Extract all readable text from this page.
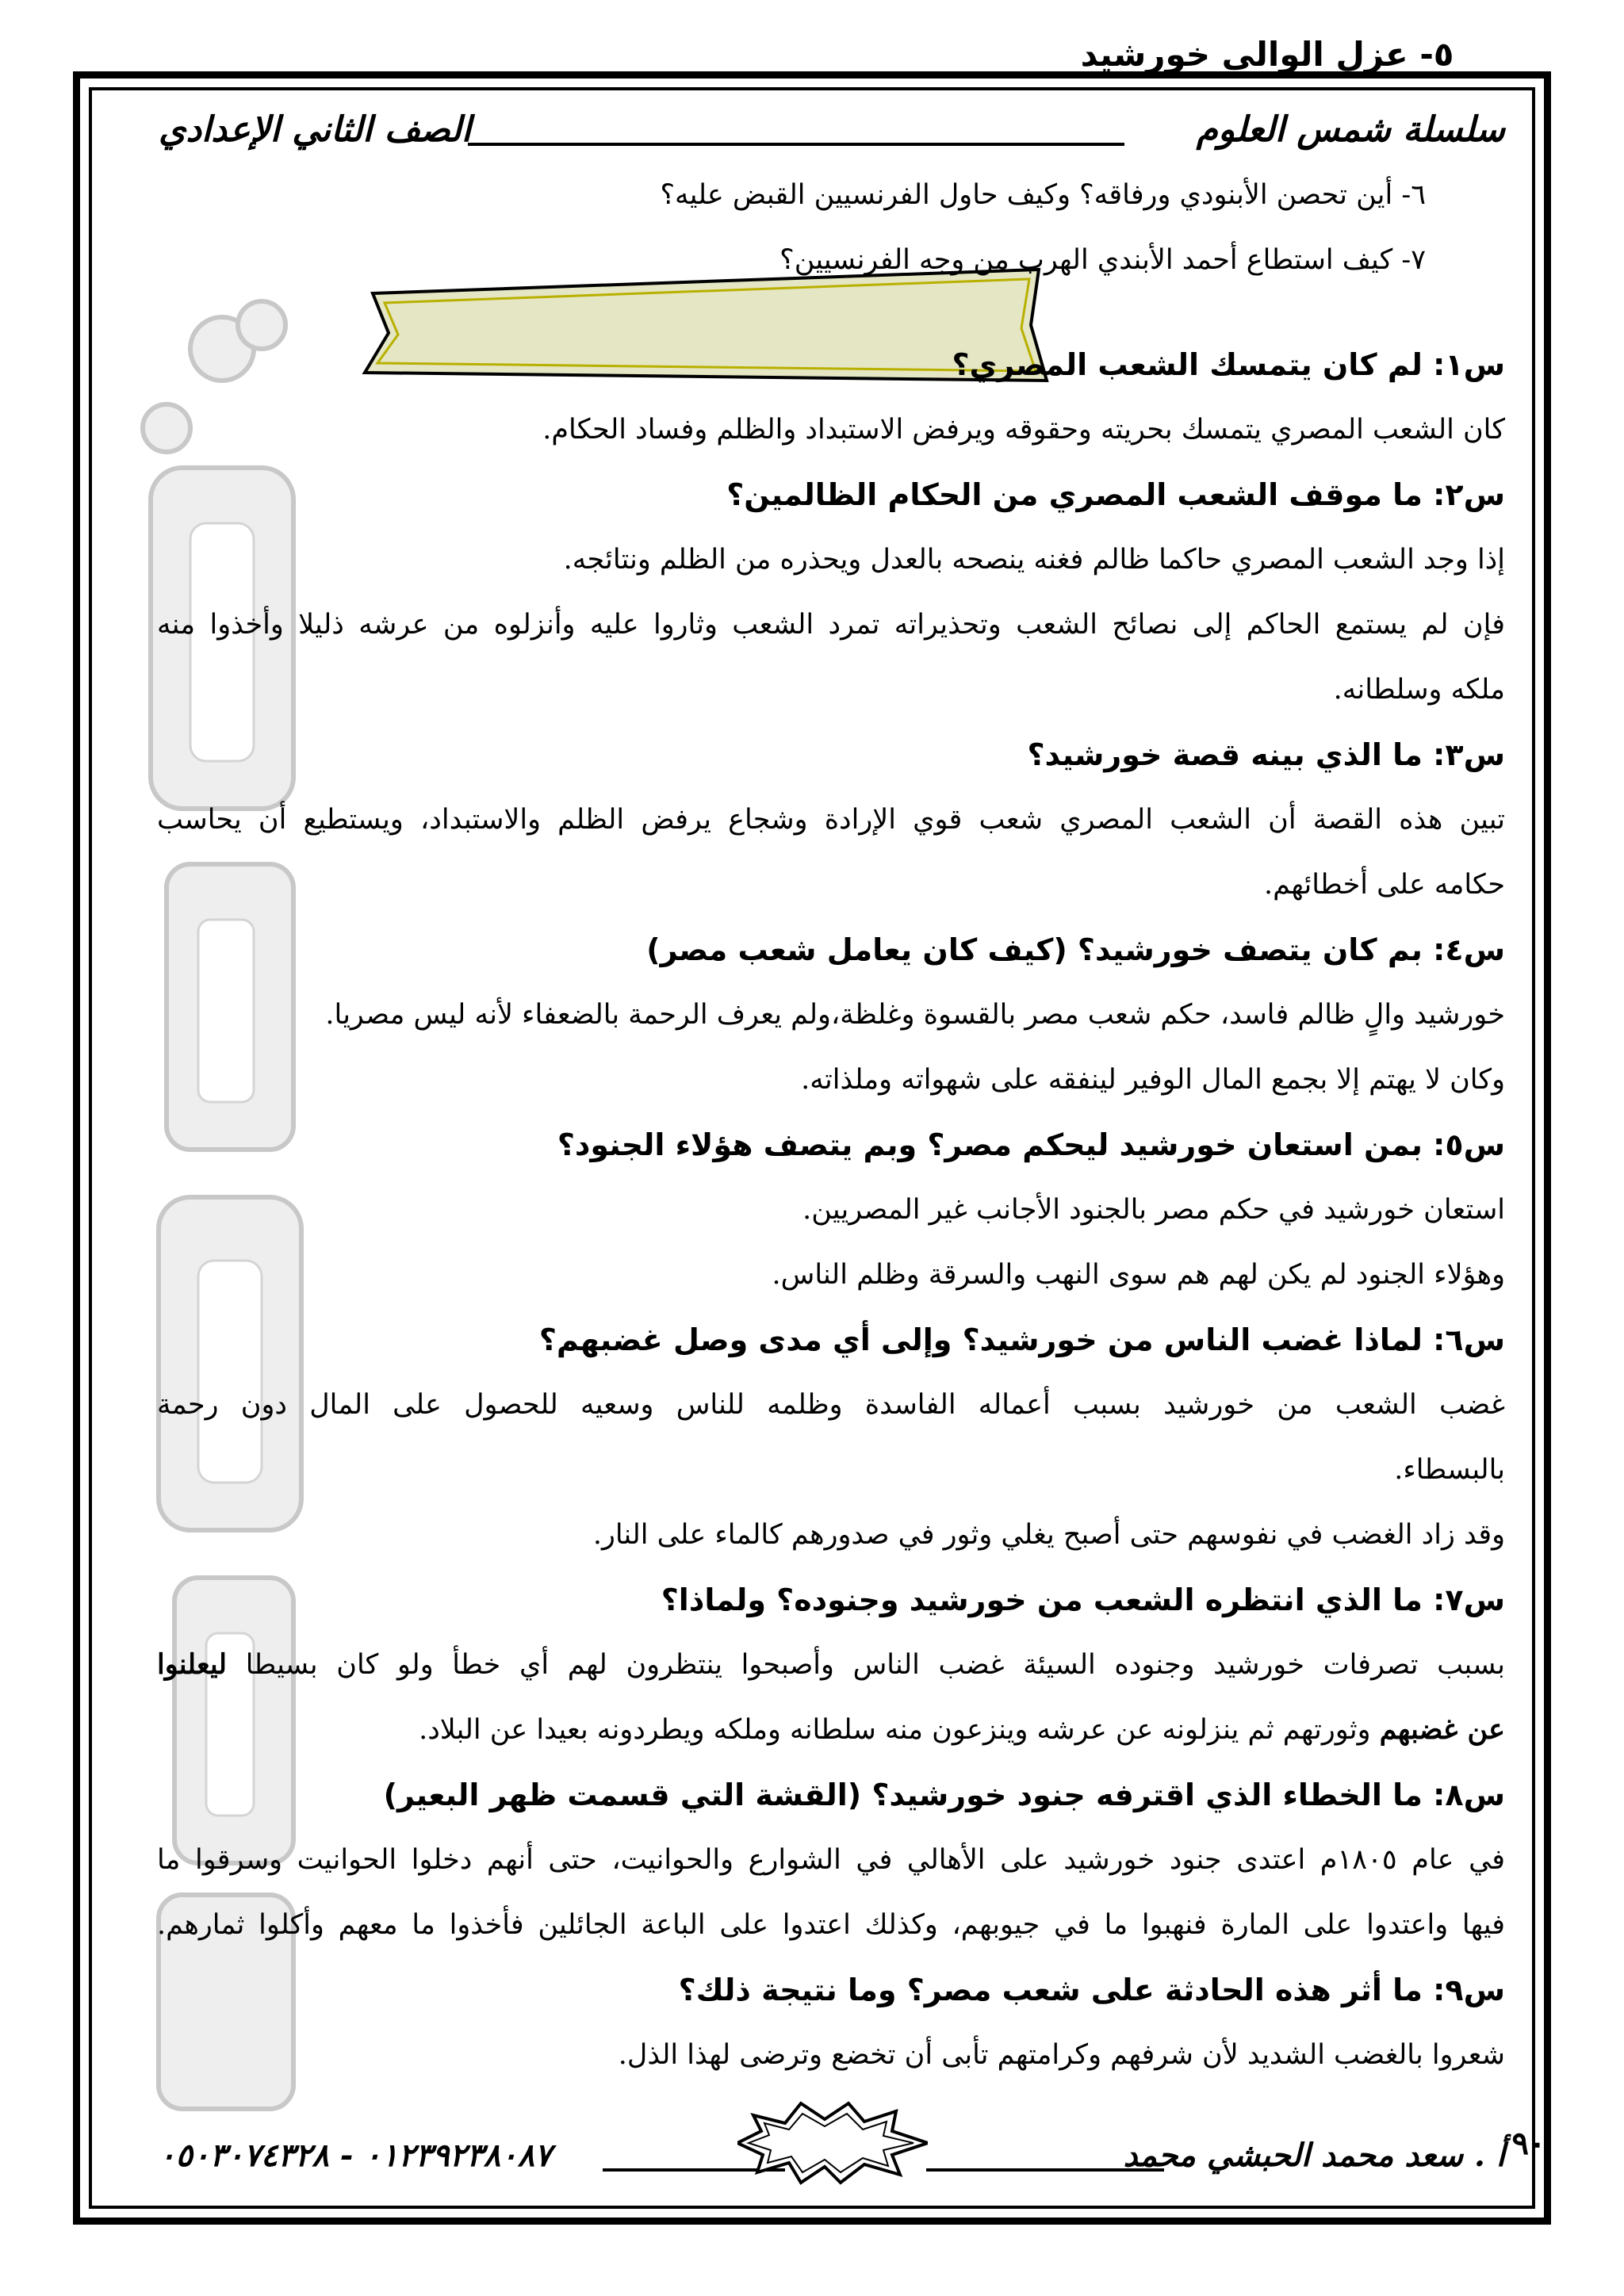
سلسلة شمس العلوم
الصف الثاني الإعدادي
٥- عزل الوالي خورشيد
٦- أين تحصن الأبنودي ورفاقه؟ وكيف حاول الفرنسيين القبض عليه؟
٧- كيف استطاع أحمد الأبندي الهرب من وجه الفرنسيين؟
س١: لم كان يتمسك الشعب المصري؟
كان الشعب المصري يتمسك بحريته وحقوقه ويرفض الاستبداد والظلم وفساد الحكام.
س٢: ما موقف الشعب المصري من الحكام الظالمين؟
إذا وجد الشعب المصري حاكما ظالم فغنه ينصحه بالعدل ويحذره من الظلم ونتائجه.
فإن لم يستمع الحاكم إلى نصائح الشعب وتحذيراته تمرد الشعب وثاروا عليه وأنزلوه من عرشه ذليلا وأخذوا منه
ملكه وسلطانه.
س٣: ما الذي بينه قصة خورشيد؟
تبين هذه القصة أن الشعب المصري شعب قوي الإرادة وشجاع يرفض الظلم والاستبداد، ويستطيع أن يحاسب
حكامه على أخطائهم.
س٤: بم كان يتصف خورشيد؟ (كيف كان يعامل شعب مصر)
خورشيد والٍ ظالم فاسد، حكم شعب مصر بالقسوة وغلظة،ولم يعرف الرحمة بالضعفاء لأنه ليس مصريا.
وكان لا يهتم إلا بجمع المال الوفير لينفقه على شهواته وملذاته.
س٥: بمن استعان خورشيد ليحكم مصر؟ وبم يتصف هؤلاء الجنود؟
استعان خورشيد في حكم مصر بالجنود الأجانب غير المصريين.
وهؤلاء الجنود لم يكن لهم هم سوى النهب والسرقة وظلم الناس.
س٦: لماذا غضب الناس من خورشيد؟ وإلى أي مدى وصل غضبهم؟
غضب الشعب من خورشيد بسبب أعماله الفاسدة وظلمه للناس وسعيه للحصول على المال دون رحمة
بالبسطاء.
وقد زاد الغضب في نفوسهم حتى أصبح يغلي وثور في صدورهم كالماء على النار.
س٧: ما الذي انتظره الشعب من خورشيد وجنوده؟ ولماذا؟
بسبب تصرفات خورشيد وجنوده السيئة غضب الناس وأصبحوا ينتظرون لهم أي خطأ ولو كان بسيطا ليعلنوا
عن غضبهم وثورتهم ثم ينزلونه عن عرشه وينزعون منه سلطانه وملكه ويطردونه بعيدا عن البلاد.
س٨: ما الخطاء الذي اقترفه جنود خورشيد؟ (القشة التي قسمت ظهر البعير)
في عام ١٨٠٥م اعتدى جنود خورشيد على الأهالي في الشوارع والحوانيت، حتى أنهم دخلوا الحوانيت وسرقوا ما
فيها واعتدوا على المارة فنهبوا ما في جيوبهم، وكذلك اعتدوا على الباعة الجائلين فأخذوا ما معهم وأكلوا ثمارهم.
س٩: ما أثر هذه الحادثة على شعب مصر؟ وما نتيجة ذلك؟
شعروا بالغضب الشديد لأن شرفهم وكرامتهم تأبى أن تخضع وترضى لهذا الذل.
أ . سعد محمد الحبشي محمد
٠١٢٣٩٢٣٨٠٨٧ - ٠٥٠٣٠٧٤٣٢٨	٩٠
